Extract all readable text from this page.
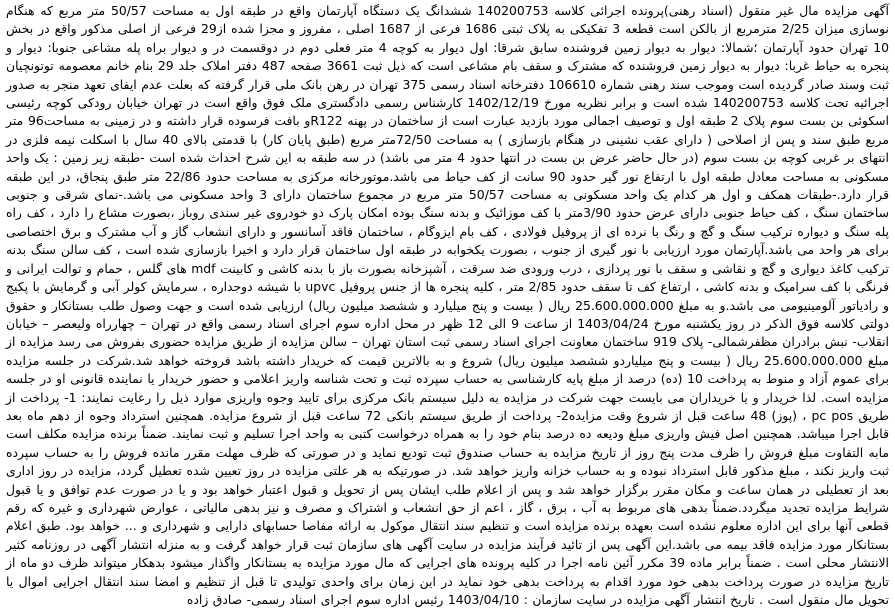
آگهی مزایده مال غیر منقول (اسناد رهنی)پرونده اجرائی کلاسه 140200753 ششدانگ یک دستگاه آپارتمان واقع در طبقه اول به مساحت 50/57 متر مربع که هنگام نوسازی میزان 2/25 مترمربع از بالکن است قطعه 3 تفکیکی به پلاک ثبتی 1686 فرعی از 1687 اصلی ، مفروز و مجزا شده از29 فرعی از اصلی مذکور واقع در بخش 10 تهران حدود آپارتمان ؛شمالا: دیوار به دیوار زمین فروشنده سابق شرقا: اول دیوار به کوچه 4 متر فعلی دوم در دوقسمت در و دیوار براه پله مشاعی جنوبا: دیوار و پنجره به حیاط غربا: دیوار به دیوار زمین فروشنده که مشترک و سقف بام مشاعی است که ذیل ثبت 3661 صفحه 487 دفتر املاک جلد 29 بنام خانم معصومه توتونچیان ثبت وسند صادر گردیده است وموجب سند رهنی شماره 106610 دفترخانه اسناد رسمی 375 تهران در رهن بانک ملی قرار گرفته که بعلت عدم ایفای تعهد منجر به صدور اجرائیه تحت کلاسه 140200753 شده است و برابر نظریه مورخ 1402/12/19 کارشناس رسمی دادگستری ملک فوق واقع است در تهران خیابان رودکی کوچه رئیسی اسکوئی بن بست سوم پلاک 2 طبقه اول و توصیف اجمالی مورد بازدید عبارت است از ساختمان در پهنه R122و بافت فرسوده قرار داشته و در زمینی به مساحت96 متر مربع طبق سند و پس از اصلاحی ( دارای عقب نشینی در هنگام بازسازی ) به مساحت 72/50متر مربع (طبق پایان کار) با قدمتی بالای 40 سال با اسکلت نیمه فلزی در انتهای بر غربی کوچه بن بست سوم (در حال حاضر عرض بن بست در انتها حدود 4 متر می باشد) در سه طبقه به این شرح احداث شده است -طبقه زیر زمین : یک واحد مسکونی به مساحت معادل طبقه اول با ارتفاع نور گیر حدود 90 سانت از کف حیاط می باشد.موتورخانه مرکزی به مساحت حدود 22/86 متر طبق پنجاق، در این طبقه قرار دارد.-طبقات همکف و اول هر کدام یک واحد مسکونی به مساحت 50/57 متر مربع در مجموع ساختمان دارای 3 واحد مسکونی می باشد.-نمای شرقی و جنوبی ساختمان سنگ ، کف حیاط جنوبی دارای عرض حدود 3/90متر با کف موزائیک و بدنه سنگ بوده امکان پارک دو خودروی غیر سندی روباز ،بصورت مشاع را دارد ، کف راه پله سنگ و دیواره ترکیب سنگ و گچ و رنگ با نرده ای از پروفیل فولادی ، کف بام ایزوگام ، ساختمان فاقد آسانسور و دارای انشعاب گاز و آب مشترک و برق اختصاصی برای هر واحد می باشد.آپارتمان مورد ارزیابی با نور گیری از جنوب ، بصورت یکخوابه در طبقه اول ساختمان قرار دارد و اخیرا بازسازی شده است ، کف سالن سنگ بدنه ترکیب کاغذ دیواری و گچ و نقاشی و سقف با نور پردازی ، درب ورودی ضد سرقت ، آشپزخانه بصورت باز با بدنه کاشی و کابینت mdf های گلس ، حمام و توالت ایرانی و فرنگی با کف سرامیک و بدنه کاشی ، ارتفاع کف تا سقف حدود 2/85 متر ، کلیه پنجره ها از جنس پروفیل upvc با شیشه دوجداره ، سرمایش کولر آبی و گرمایش با پکیج و رادیاتور آلومینیومی می باشد.و به مبلغ 25.600.000.000 ریال ( بیست و پنج میلیارد و ششصد میلیون ریال) ارزیابی شده است و جهت وصول طلب بستانکار و حقوق دولتی کلاسه فوق الذکر در روز یکشنبه مورخ 1403/04/24 از ساعت 9 الی 12 ظهر در محل اداره سوم اجرای اسناد رسمی واقع در تهران – چهارراه ولیعصر – خیابان انقلاب- نبش برادران مظفرشمالی- پلاک 919 ساختمان معاونت اجرای اسناد رسمی ثبت استان تهران – سالن مزایده از طریق مزایده حضوری بفروش می رسد مزایده از مبلغ 25.600.000.000 ریال ( بیست و پنج میلیاردو ششصد میلیون ریال) شروع و به بالاترین قیمت که خریدار داشته باشد فروخته خواهد شد.شرکت در جلسه مزایده برای عموم آزاد و منوط به پرداخت 10 (ده) درصد از مبلغ پایه کارشناسی به حساب سپرده ثبت و تحت شناسه واریز اعلامی و حضور خریدار یا نماینده قانونی او در جلسه مزایده است. لذا خریدار و یا خریداران می بایست جهت شرکت در مزایده به دلیل سیستم بانک مرکزی برای تایید وجوه واریزی موارد ذیل را رعایت نمایند: 1- پرداخت از طریق pc pos ، (پوز) 48 ساعت قبل از شروع وقت مزایده2- پرداخت از طریق سیستم بانکی 72 ساعت قبل از شروع مزایده. همچنین استرداد وجوه از دهم ماه بعد قابل اجرا میباشد. همچنین اصل فیش واریزی مبلغ ودیعه ده درصد بنام خود را به همراه درخواست کتبی به واحد اجرا تسلیم و ثبت نمایند. ضمناً برنده مزایده مکلف است مابه التفاوت مبلغ فروش را ظرف مدت پنج روز از تاریخ مزایده به حساب صندوق ثبت تودیع نماید و در صورتی که ظرف مهلت مقرر مانده فروش را به حساب سپرده ثبت واریز نکند ، مبلغ مذکور قابل استرداد نبوده و به حساب خزانه واریز خواهد شد. در صورتیکه به هر علتی مزایده در روز تعیین شده تعطیل گردد، مزایده در روز اداری بعد از تعطیلی در همان ساعت و مکان مقرر برگزار خواهد شد و پس از اعلام طلب ایشان پس از تحویل و قبول اعتبار خواهد بود و یا در صورت عدم توافق و یا قبول شرایط مزایده تجدید میگردد.ضمناً بدهی های مربوط به آب ، برق ، گاز ، اعم از حق انشعاب و اشتراک و مصرف و نیز بدهی مالیاتی ، عوارض شهرداری و غیره که رقم قطعی آنها برای این اداره معلوم نشده است بعهده برنده مزایده است و تنظیم سند انتقال موکول به ارائه مفاصا حسابهای دارایی و شهرداری و ... خواهد بود. طبق اعلام بستانکار مورد مزایده فاقد بیمه می باشد.این آگهی پس از تائید فرآیند مزایده در سایت آگهی های سازمان ثبت قرار خواهد گرفت و به منزله انتشار آگهی در روزنامه کثیر الانتشار محلی است . ضمناً برابر ماده 39 مکرر آئین نامه اجرا در کلیه پرونده های اجرایی که مال مورد مزایده به بستانکار واگذار میشود بدهکار میتواند ظرف دو ماه از تاریخ مزایده در صورت پرداخت بدهی خود مورد اقدام به پرداخت بدهی خود نماید در این زمان برای واحدی تولیدی تا قبل از تنظیم و امضا سند انتقال اجرایی اموال یا تحویل مال منقول است . تاریخ انتشار آگهی مزایده در سایت سازمان : 1403/04/10 رئیس اداره سوم اجرای اسناد رسمی- صادق زاده
